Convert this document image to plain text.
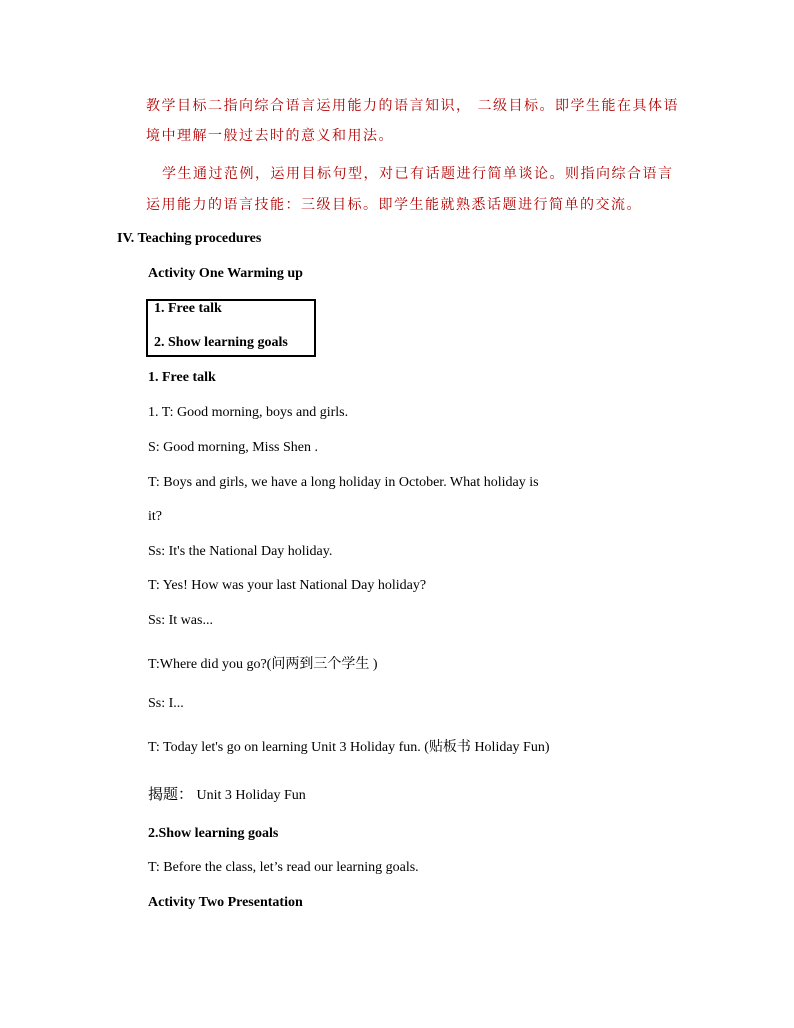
教学目标二指向综合语言运用能力的语言知识， 二级目标。即学生能在具体语
境中理解一般过去时的意义和用法。
学生通过范例，运用目标句型，对已有话题进行简单谈论。则指向综合语言
运用能力的语言技能：三级目标。即学生能就熟悉话题进行简单的交流。
IV. Teaching procedures
Activity One Warming up
1. Free talk
2. Show learning goals
1. Free talk
1. T: Good morning, boys and girls.
S: Good morning, Miss Shen .
T: Boys and girls, we have a long holiday in October. What holiday is
it?
Ss: It's the National Day holiday.
T: Yes! How was your last National Day holiday?
Ss: It was...
T:Where did you go?(问两到三个学生 )
Ss: I...
T: Today let's go on learning Unit 3 Holiday fun. (贴板书 Holiday Fun)
揭题： Unit 3 Holiday Fun
2.Show learning goals
T: Before the class, let’s read our learning goals.
Activity Two Presentation
